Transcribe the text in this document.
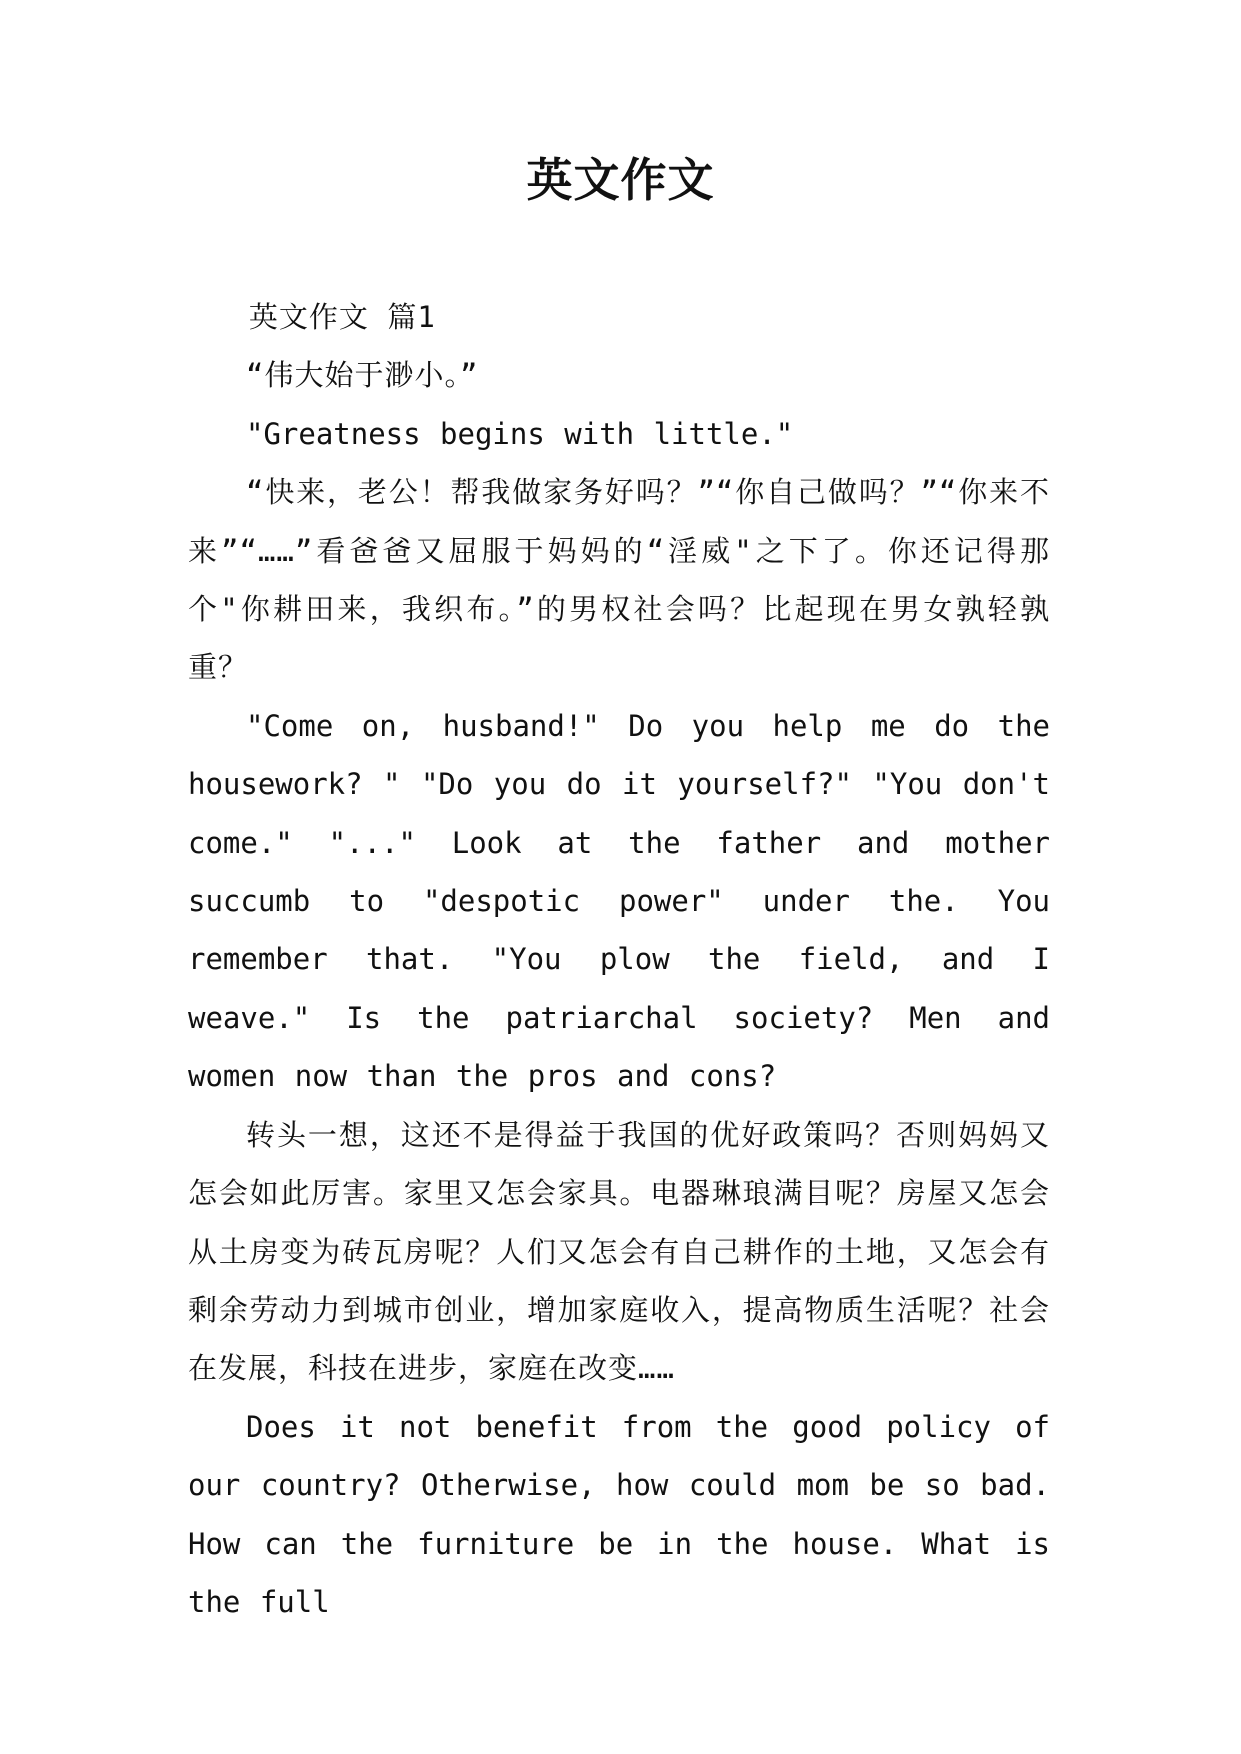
英文作文

英文作文 篇1

“伟大始于渺小。”

"Greatness begins with little."

“快来，老公！帮我做家务好吗？”“你自己做吗？”“你来不来”“……”看爸爸又屈服于妈妈的“淫威"之下了。你还记得那个"你耕田来，我织布。”的男权社会吗？比起现在男女孰轻孰重？

"Come on, husband!" Do you help me do the housework? " "Do you do it yourself?" "You don't come." "..." Look at the father and mother succumb to "despotic power" under the. You remember that. "You plow the field, and I weave." Is the patriarchal society? Men and women now than the pros and cons?

转头一想，这还不是得益于我国的优好政策吗？否则妈妈又怎会如此厉害。家里又怎会家具。电器琳琅满目呢？房屋又怎会从土房变为砖瓦房呢？人们又怎会有自己耕作的土地，又怎会有剩余劳动力到城市创业，增加家庭收入，提高物质生活呢？社会在发展，科技在进步，家庭在改变……

Does it not benefit from the good policy of our country? Otherwise, how could mom be so bad. How can the furniture be in the house. What is the full
